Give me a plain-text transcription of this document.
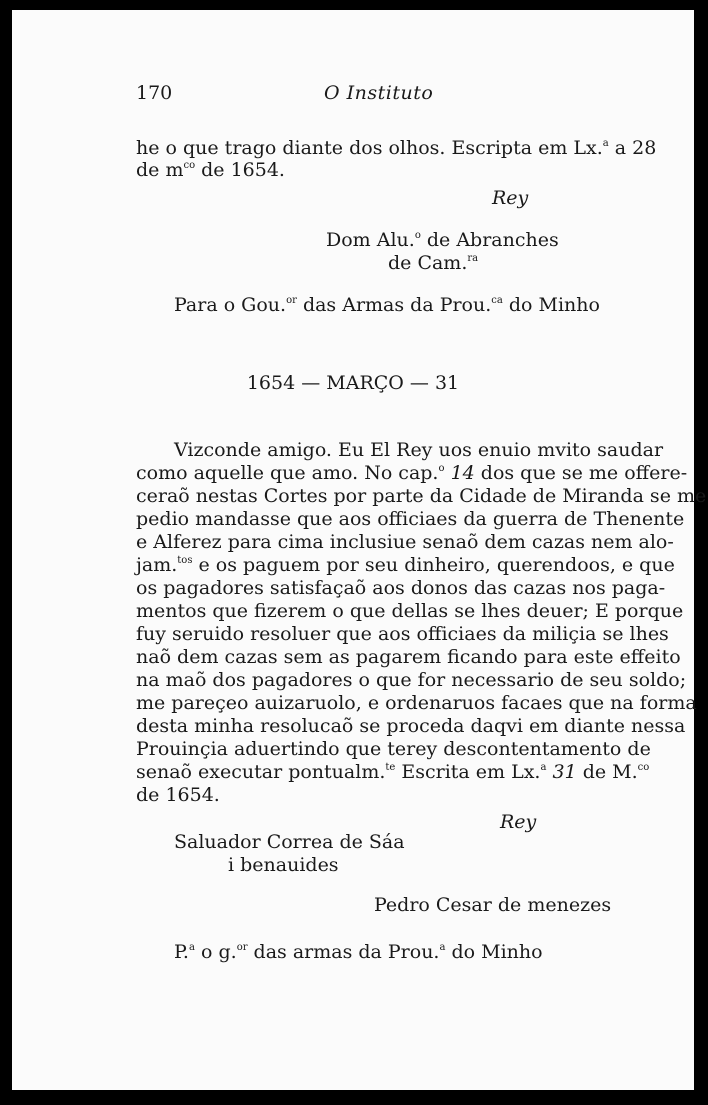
170	O Instituto
he o que trago diante dos olhos. Escripta em Lx.$^a$ a 28
de $m^{co}$ de 1654.
Rey
Dom Alu.$^o$ de Abranches
de Cam.$^{ra}$
Para o Gou.$^{or}$ das Armas da Prou.$^{ca}$ do Minho
1654 — MARÇO — 31
Vizconde amigo. Eu El Rey uos enuio mvito saudar
como aquelle que amo. No cap.$^o$ 14 dos que se me offere-
ceraõ nestas Cortes por parte da Cidade de Miranda se me
pedio mandasse que aos officiaes da guerra de Thenente
e Alferez para cima inclusiue senaõ dem cazas nem alo-
jam.$^{tos}$ e os paguem por seu dinheiro, querendoos, e que
os pagadores satisfaçaõ aos donos das cazas nos paga-
mentos que fizerem o que dellas se lhes deuer; E porque
fuy seruido resoluer que aos officiaes da miliçia se lhes
naõ dem cazas sem as pagarem ficando para este effeito
na maõ dos pagadores o que for necessario de seu soldo;
me pareçeo auizaruolo, e ordenaruos facaes que na forma
desta minha resolucaõ se proceda daqvi em diante nessa
Prouinçia aduertindo que terey descontentamento de
senaõ executar pontualm.$^{te}$ Escrita em Lx.$^a$ 31 de M.$^{co}$
de 1654.
Rey
Saluador Correa de Sáa
i benauides
Pedro Cesar de menezes
P.$^a$ o g.$^{or}$ das armas da Prou.$^a$ do Minho
